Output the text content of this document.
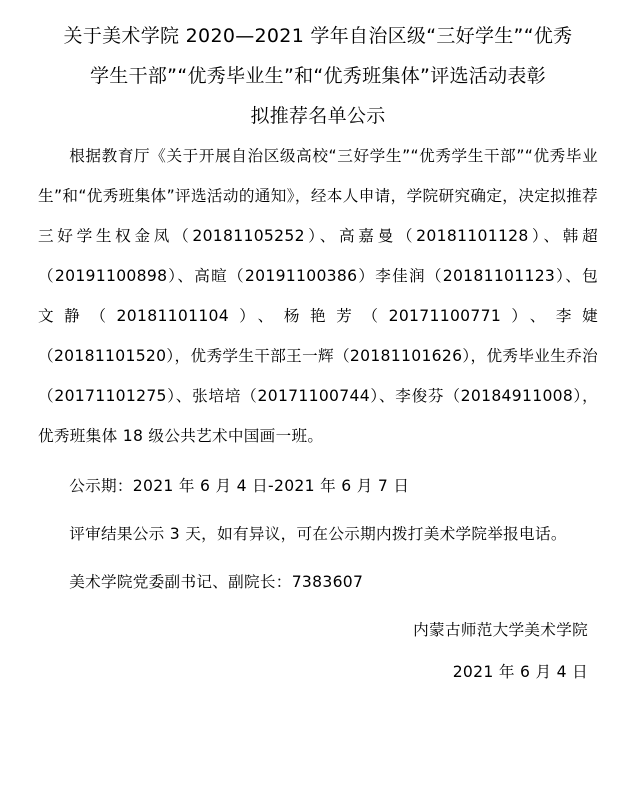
关于美术学院 2020—2021 学年自治区级“三好学生”“优秀
学生干部”“优秀毕业生”和“优秀班集体”评选活动表彰
拟推荐名单公示

根据教育厅《关于开展自治区级高校“三好学生”“优秀学生干部”“优秀毕业生”和“优秀班集体”评选活动的通知》，经本人申请，学院研究确定，决定拟推荐三好学生权金凤（20181105252）、高嘉曼（20181101128）、韩超（20191100898）、高暄（20191100386）李佳润（20181101123）、包文静（20181101104）、杨艳芳（20171100771）、李婕（20181101520），优秀学生干部王一辉（20181101626），优秀毕业生乔治（20171101275）、张培培（20171100744）、李俊芬（20184911008），优秀班集体 18 级公共艺术中国画一班。

公示期：2021 年 6 月 4 日-2021 年 6 月 7 日

评审结果公示 3 天，如有异议，可在公示期内拨打美术学院举报电话。

美术学院党委副书记、副院长：7383607

内蒙古师范大学美术学院
2021 年 6 月 4 日
